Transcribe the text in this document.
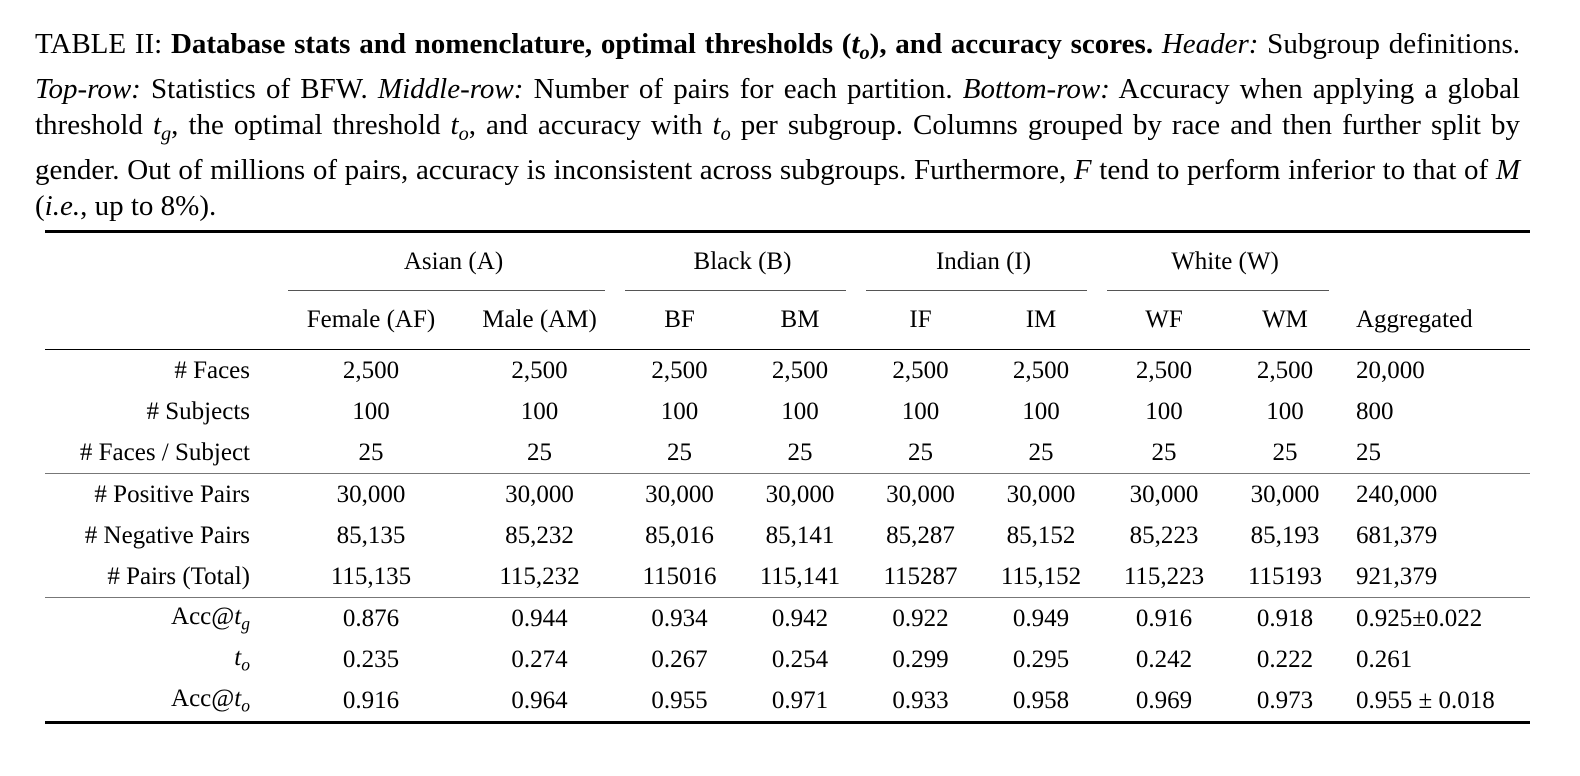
TABLE II: Database stats and nomenclature, optimal thresholds $(t_o)$, and accuracy scores. Header: Subgroup definitions. Top-row: Statistics of BFW. Middle-row: Number of pairs for each partition. Bottom-row: Accuracy when applying a global threshold $t_g$, the optimal threshold $t_o$, and accuracy with $t_o$ per subgroup. Columns grouped by race and then further split by gender. Out of millions of pairs, accuracy is inconsistent across subgroups. Furthermore, F tend to perform inferior to that of M (i.e., up to 8%).
	Asian (A)		Black (B)		Indian (I)		White (W)		
	Female (AF)	Male (AM)	BF	BM	IF	IM	WF	WM	Aggregated
# Faces	2,500	2,500	2,500	2,500	2,500	2,500	2,500	2,500	20,000
# Subjects	100	100	100	100	100	100	100	100	800
# Faces / Subject	25	25	25	25	25	25	25	25	25
# Positive Pairs	30,000	30,000	30,000	30,000	30,000	30,000	30,000	30,000	240,000
# Negative Pairs	85,135	85,232	85,016	85,141	85,287	85,152	85,223	85,193	681,379
# Pairs (Total)	115,135	115,232	115016	115,141	115287	115,152	115,223	115193	921,379
$Acc@t_g$	0.876	0.944	0.934	0.942	0.922	0.949	0.916	0.918	0.925±0.022
$t_o$	0.235	0.274	0.267	0.254	0.299	0.295	0.242	0.222	0.261
$Acc@t_o$	0.916	0.964	0.955	0.971	0.933	0.958	0.969	0.973	0.955 ± 0.018
